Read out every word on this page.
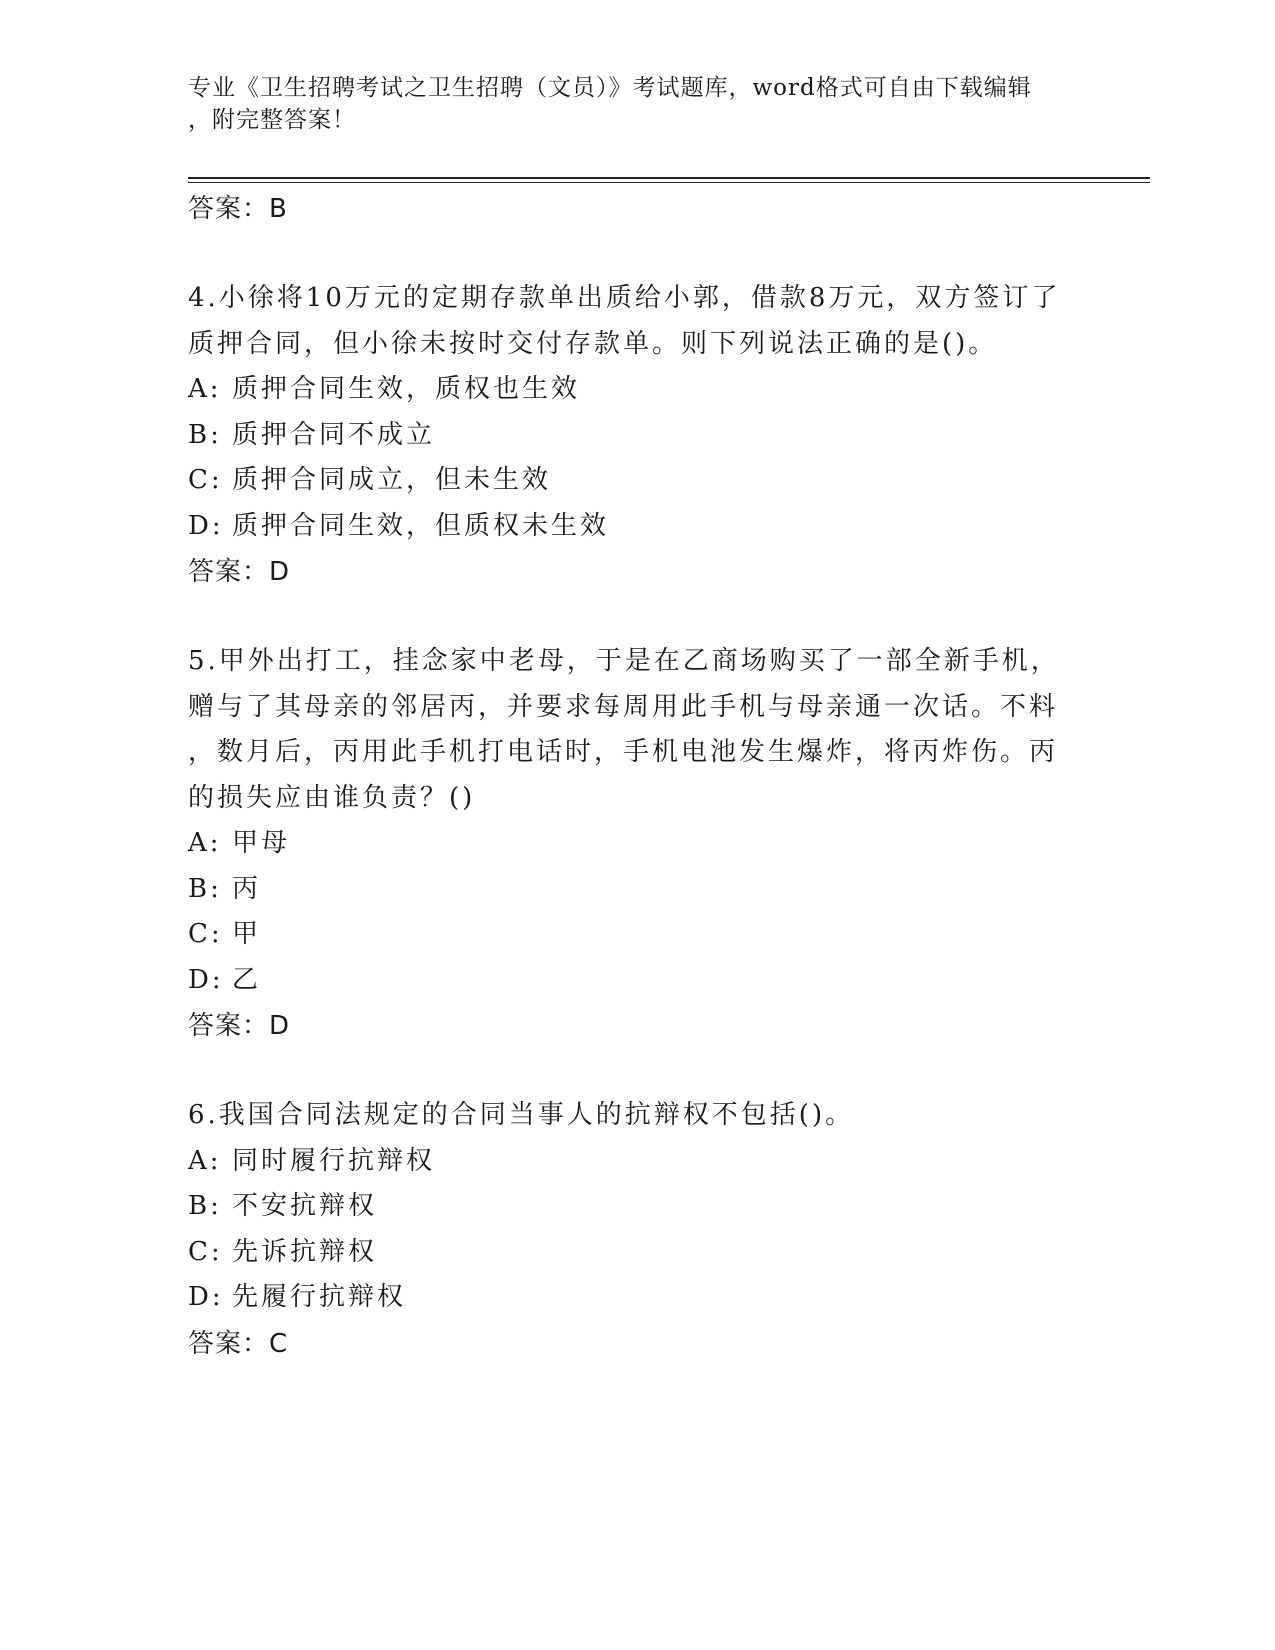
专业《卫生招聘考试之卫生招聘（文员）》考试题库，word格式可自由下载编辑
，附完整答案！
答案：B
4.小徐将10万元的定期存款单出质给小郭，借款8万元，双方签订了
质押合同，但小徐未按时交付存款单。则下列说法正确的是()。
A: 质押合同生效，质权也生效
B: 质押合同不成立
C: 质押合同成立，但未生效
D: 质押合同生效，但质权未生效
答案：D
5.甲外出打工，挂念家中老母，于是在乙商场购买了一部全新手机，
赠与了其母亲的邻居丙，并要求每周用此手机与母亲通一次话。不料
，数月后，丙用此手机打电话时，手机电池发生爆炸，将丙炸伤。丙
的损失应由谁负责？()
A: 甲母
B: 丙
C: 甲
D: 乙
答案：D
6.我国合同法规定的合同当事人的抗辩权不包括()。
A: 同时履行抗辩权
B: 不安抗辩权
C: 先诉抗辩权
D: 先履行抗辩权
答案：C
